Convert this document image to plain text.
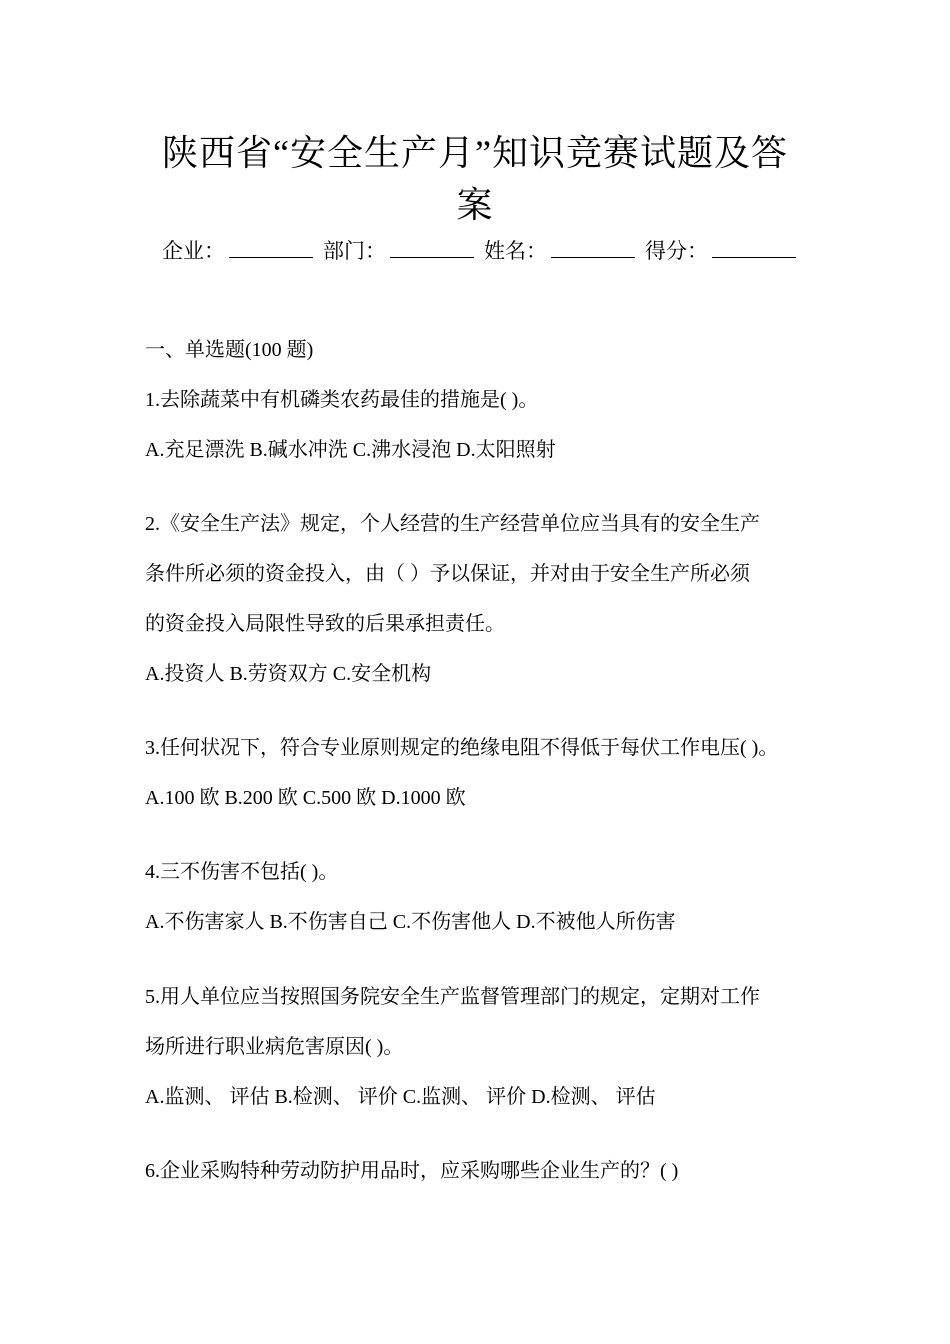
陕西省“安全生产月”知识竞赛试题及答
案
企业：	部门：	姓名：	得分：
一、单选题(100 题)
1.去除蔬菜中有机磷类农药最佳的措施是( )。
A.充足漂洗 B.碱水冲洗 C.沸水浸泡 D.太阳照射
2.《安全生产法》规定，个人经营的生产经营单位应当具有的安全生产
条件所必须的资金投入，由（ ）予以保证，并对由于安全生产所必须
的资金投入局限性导致的后果承担责任。
A.投资人 B.劳资双方 C.安全机构
3.任何状况下，符合专业原则规定的绝缘电阻不得低于每伏工作电压( )。
A.100 欧 B.200 欧 C.500 欧 D.1000 欧
4.三不伤害不包括( )。
A.不伤害家人 B.不伤害自己 C.不伤害他人 D.不被他人所伤害
5.用人单位应当按照国务院安全生产监督管理部门的规定，定期对工作
场所进行职业病危害原因( )。
A.监测、 评估 B.检测、 评价 C.监测、 评价 D.检测、 评估
6.企业采购特种劳动防护用品时，应采购哪些企业生产的？( )
